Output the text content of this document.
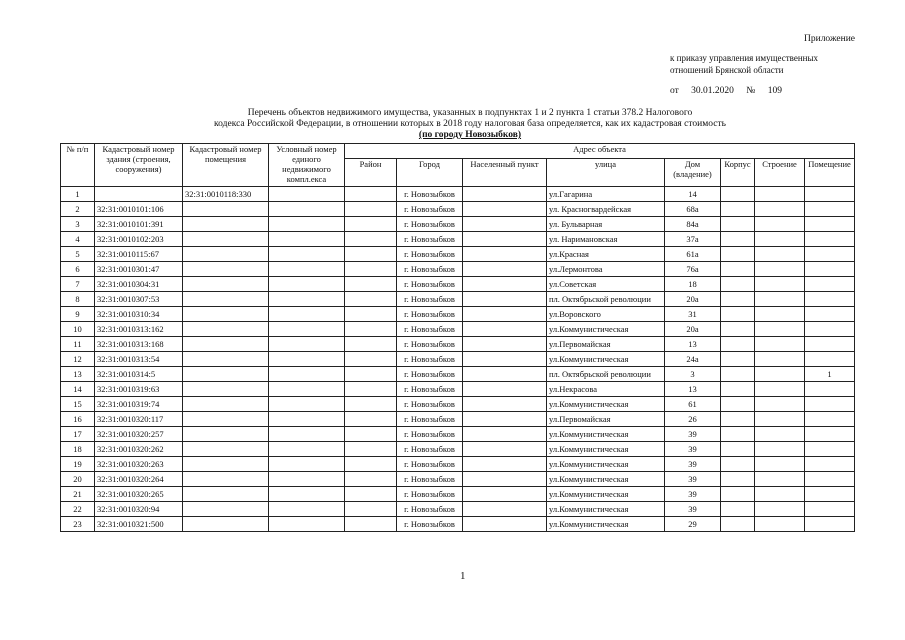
Приложение
к приказу управления имущественных
отношений Брянской области
от 30.01.2020 № 109
Перечень объектов недвижимого имущества, указанных в подпунктах 1 и 2 пункта 1 статьи 378.2 Налогового
кодекса Российской Федерации, в отношении которых в 2018 году налоговая база определяется, как их кадастровая стоимость
(по городу Новозыбков)
№ п/п	Кадастровый номер здания (строения, сооружения)	Кадастровый номер помещения	Условный номер единого недвижимого компл.екса	Адрес объекта							
				Район	Город	Населенный пункт	улица	Дом (владение)	Корпус	Строение	Помещение
1		32:31:0010118:330			г. Новозыбков		ул.Гагарина	14			
2	32:31:0010101:106				г. Новозыбков		ул. Красногвардейская	68а			
3	32:31:0010101:391				г. Новозыбков		ул. Бульварная	84а			
4	32:31:0010102:203				г. Новозыбков		ул. Наримановская	37а			
5	32:31:0010115:67				г. Новозыбков		ул.Красная	61а			
6	32:31:0010301:47				г. Новозыбков		ул.Лермонтова	76а			
7	32:31:0010304:31				г. Новозыбков		ул.Советская	18			
8	32:31:0010307:53				г. Новозыбков		пл. Октябрьской революции	20а			
9	32:31:0010310:34				г. Новозыбков		ул.Воровского	31			
10	32:31:0010313:162				г. Новозыбков		ул.Коммунистическая	20а			
11	32:31:0010313:168				г. Новозыбков		ул.Первомайская	13			
12	32:31:0010313:54				г. Новозыбков		ул.Коммунистическая	24а			
13	32:31:0010314:5				г. Новозыбков		пл. Октябрьской революции	3			1
14	32:31:0010319:63				г. Новозыбков		ул.Некрасова	13			
15	32:31:0010319:74				г. Новозыбков		ул.Коммунистическая	61			
16	32:31:0010320:117				г. Новозыбков		ул.Первомайская	26			
17	32:31:0010320:257				г. Новозыбков		ул.Коммунистическая	39			
18	32:31:0010320:262				г. Новозыбков		ул.Коммунистическая	39			
19	32:31:0010320:263				г. Новозыбков		ул.Коммунистическая	39			
20	32:31:0010320:264				г. Новозыбков		ул.Коммунистическая	39			
21	32:31:0010320:265				г. Новозыбков		ул.Коммунистическая	39			
22	32:31:0010320:94				г. Новозыбков		ул.Коммунистическая	39			
23	32:31:0010321:500				г. Новозыбков		ул.Коммунистическая	29			
1
